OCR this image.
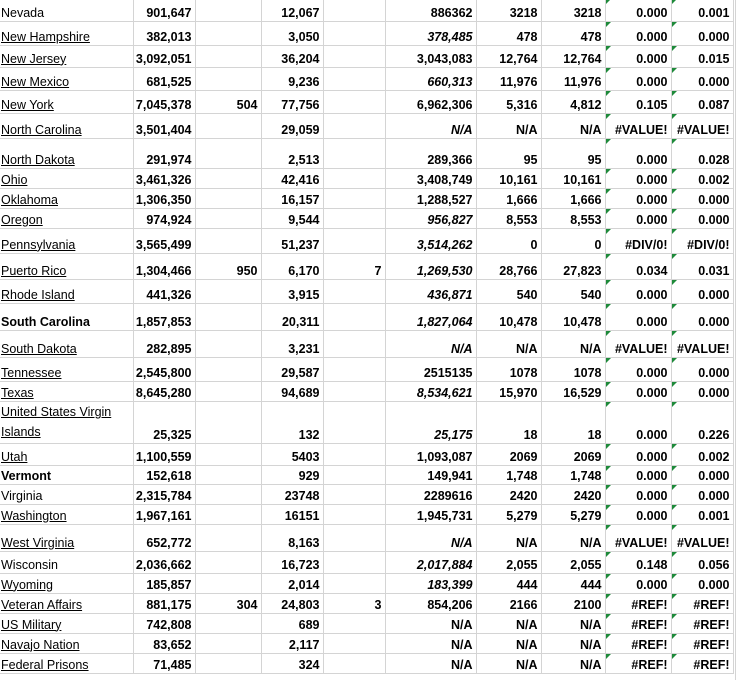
Nevada	901,647		12,067		886362	3218	3218	0.000	0.001
New Hampshire	382,013		3,050		378,485	478	478	0.000	0.000
New Jersey	3,092,051		36,204		3,043,083	12,764	12,764	0.000	0.015
New Mexico	681,525		9,236		660,313	11,976	11,976	0.000	0.000
New York	7,045,378	504	77,756		6,962,306	5,316	4,812	0.105	0.087
North Carolina	3,501,404		29,059		N/A	N/A	N/A	#VALUE!	#VALUE!
North Dakota	291,974		2,513		289,366	95	95	0.000	0.028
Ohio	3,461,326		42,416		3,408,749	10,161	10,161	0.000	0.002
Oklahoma	1,306,350		16,157		1,288,527	1,666	1,666	0.000	0.000
Oregon	974,924		9,544		956,827	8,553	8,553	0.000	0.000
Pennsylvania	3,565,499		51,237		3,514,262	0	0	#DIV/0!	#DIV/0!
Puerto Rico	1,304,466	950	6,170	7	1,269,530	28,766	27,823	0.034	0.031
Rhode Island	441,326		3,915		436,871	540	540	0.000	0.000
South Carolina	1,857,853		20,311		1,827,064	10,478	10,478	0.000	0.000
South Dakota	282,895		3,231		N/A	N/A	N/A	#VALUE!	#VALUE!
Tennessee	2,545,800		29,587		2515135	1078	1078	0.000	0.000
Texas	8,645,280		94,689		8,534,621	15,970	16,529	0.000	0.000
United States Virgin Islands	25,325		132		25,175	18	18	0.000	0.226
Utah	1,100,559		5403		1,093,087	2069	2069	0.000	0.002
Vermont	152,618		929		149,941	1,748	1,748	0.000	0.000
Virginia	2,315,784		23748		2289616	2420	2420	0.000	0.000
Washington	1,967,161		16151		1,945,731	5,279	5,279	0.000	0.001
West Virginia	652,772		8,163		N/A	N/A	N/A	#VALUE!	#VALUE!
Wisconsin	2,036,662		16,723		2,017,884	2,055	2,055	0.148	0.056
Wyoming	185,857		2,014		183,399	444	444	0.000	0.000
Veteran Affairs	881,175	304	24,803	3	854,206	2166	2100	#REF!	#REF!
US Military	742,808		689		N/A	N/A	N/A	#REF!	#REF!
Navajo Nation	83,652		2,117		N/A	N/A	N/A	#REF!	#REF!
Federal Prisons	71,485		324		N/A	N/A	N/A	#REF!	#REF!
